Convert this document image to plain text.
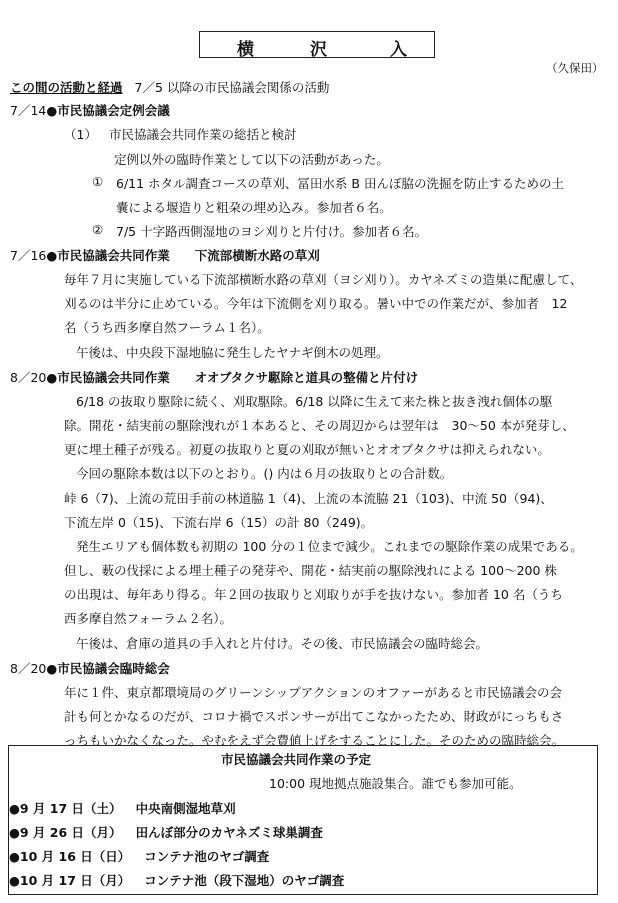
横	沢	入
（久保田）
この間の活動と経過 7／5 以降の市民協議会関係の活動
7／14●市民協議会定例会議
（1） 市民協議会共同作業の総括と検討
定例以外の臨時作業として以下の活動があった。
① 6/11 ホタル調査コースの草刈、冨田水系 B 田んぼ脇の洗掘を防止するための土
嚢による堰造りと粗朶の埋め込み。参加者６名。
② 7/5 十字路西側湿地のヨシ刈りと片付け。参加者６名。
7／16●市民協議会共同作業　　下流部横断水路の草刈
毎年７月に実施している下流部横断水路の草刈（ヨシ刈り）。カヤネズミの造巣に配慮して、
刈るのは半分に止めている。今年は下流側を刈り取る。暑い中での作業だが、参加者　12
名（うち西多摩自然フーラム１名）。
午後は、中央段下湿地脇に発生したヤナギ倒木の処理。
8／20●市民協議会共同作業　　オオブタクサ駆除と道具の整備と片付け
6/18 の抜取り駆除に続く、刈取駆除。6/18 以降に生えて来た株と抜き洩れ個体の駆
除。開花・結実前の駆除洩れが１本あると、その周辺からは翌年は　30～50 本が発芽し、
更に埋土種子が残る。初夏の抜取りと夏の刈取が無いとオオブタクサは抑えられない。
今回の駆除本数は以下のとおり。() 内は６月の抜取りとの合計数。
峠 6（7)、上流の荒田手前の林道脇 1（4)、上流の本流脇 21（103)、中流 50（94)、
下流左岸 0（15)、下流右岸 6（15）の計 80（249)。
発生エリアも個体数も初期の 100 分の１位まで減少。これまでの駆除作業の成果である。
但し、薮の伐採による埋土種子の発芽や、開花・結実前の駆除洩れによる 100～200 株
の出現は、毎年あり得る。年２回の抜取りと刈取りが手を抜けない。参加者 10 名（うち
西多摩自然フォーラム２名）。
午後は、倉庫の道具の手入れと片付け。その後、市民協議会の臨時総会。
8／20●市民協議会臨時総会
年に１件、東京都環境局のグリーンシップアクションのオファーがあると市民協議会の会
計も何とかなるのだが、コロナ禍でスポンサーが出てこなかったため、財政がにっちもさ
っちもいかなくなった。やむをえず会費値上げをすることにした。そのための臨時総会。
市民協議会共同作業の予定
10:00 現地拠点施設集合。誰でも参加可能。
●9 月 17 日（土） 中央南側湿地草刈
●9 月 26 日（月） 田んぼ部分のカヤネズミ球巣調査
●10 月 16 日（日） コンテナ池のヤゴ調査
●10 月 17 日（月） コンテナ池（段下湿地）のヤゴ調査
